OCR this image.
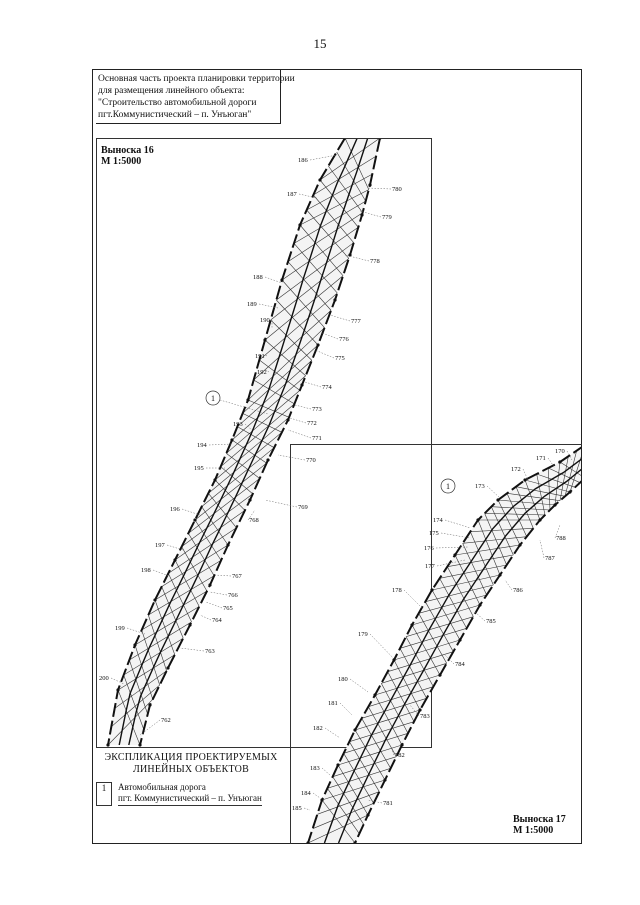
15
Основная часть проекта планировки территории
для размещения линейного объекта:
"Строительство автомобильной дороги
пгт.Коммунистический – п. Унъюган"
Выноска 16
М 1:5000
Выноска 17
М 1:5000
186
187
188
189
190
191
192
193
194
195
196
197
198
199
200
780
779
778
777
776
775
774
773
772
771
770
769
768
767
766
765
764
763
762
170
171
172
173
174
175
176
177
178
179
180
181
182
183
184
185
788
787
786
785
784
783
782
781
1
1
ЭКСПЛИКАЦИЯ ПРОЕКТИРУЕМЫХ
ЛИНЕЙНЫХ ОБЪЕКТОВ
1	Автомобильная дорога
пгт. Коммунистический – п. Унъюган
